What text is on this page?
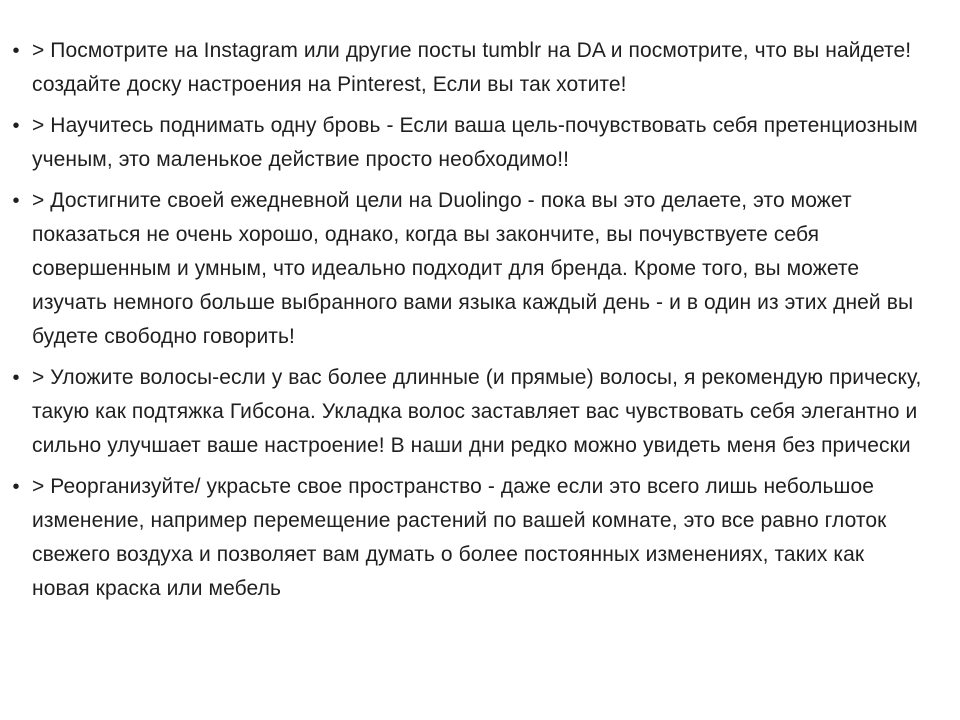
• > Посмотрите на Instagram или другие посты tumblr на DA и посмотрите, что вы найдете! создайте доску настроения на Pinterest, Если вы так хотите!
• > Научитесь поднимать одну бровь - Если ваша цель-почувствовать себя претенциозным ученым, это маленькое действие просто необходимо!!
• > Достигните своей ежедневной цели на Duolingo - пока вы это делаете, это может показаться не очень хорошо, однако, когда вы закончите, вы почувствуете себя совершенным и умным, что идеально подходит для бренда. Кроме того, вы можете изучать немного больше выбранного вами языка каждый день - и в один из этих дней вы будете свободно говорить!
• > Уложите волосы-если у вас более длинные (и прямые) волосы, я рекомендую прическу, такую как подтяжка Гибсона. Укладка волос заставляет вас чувствовать себя элегантно и сильно улучшает ваше настроение! В наши дни редко можно увидеть меня без прически
• > Реорганизуйте/ украсьте свое пространство - даже если это всего лишь небольшое изменение, например перемещение растений по вашей комнате, это все равно глоток свежего воздуха и позволяет вам думать о более постоянных изменениях, таких как новая краска или мебель
